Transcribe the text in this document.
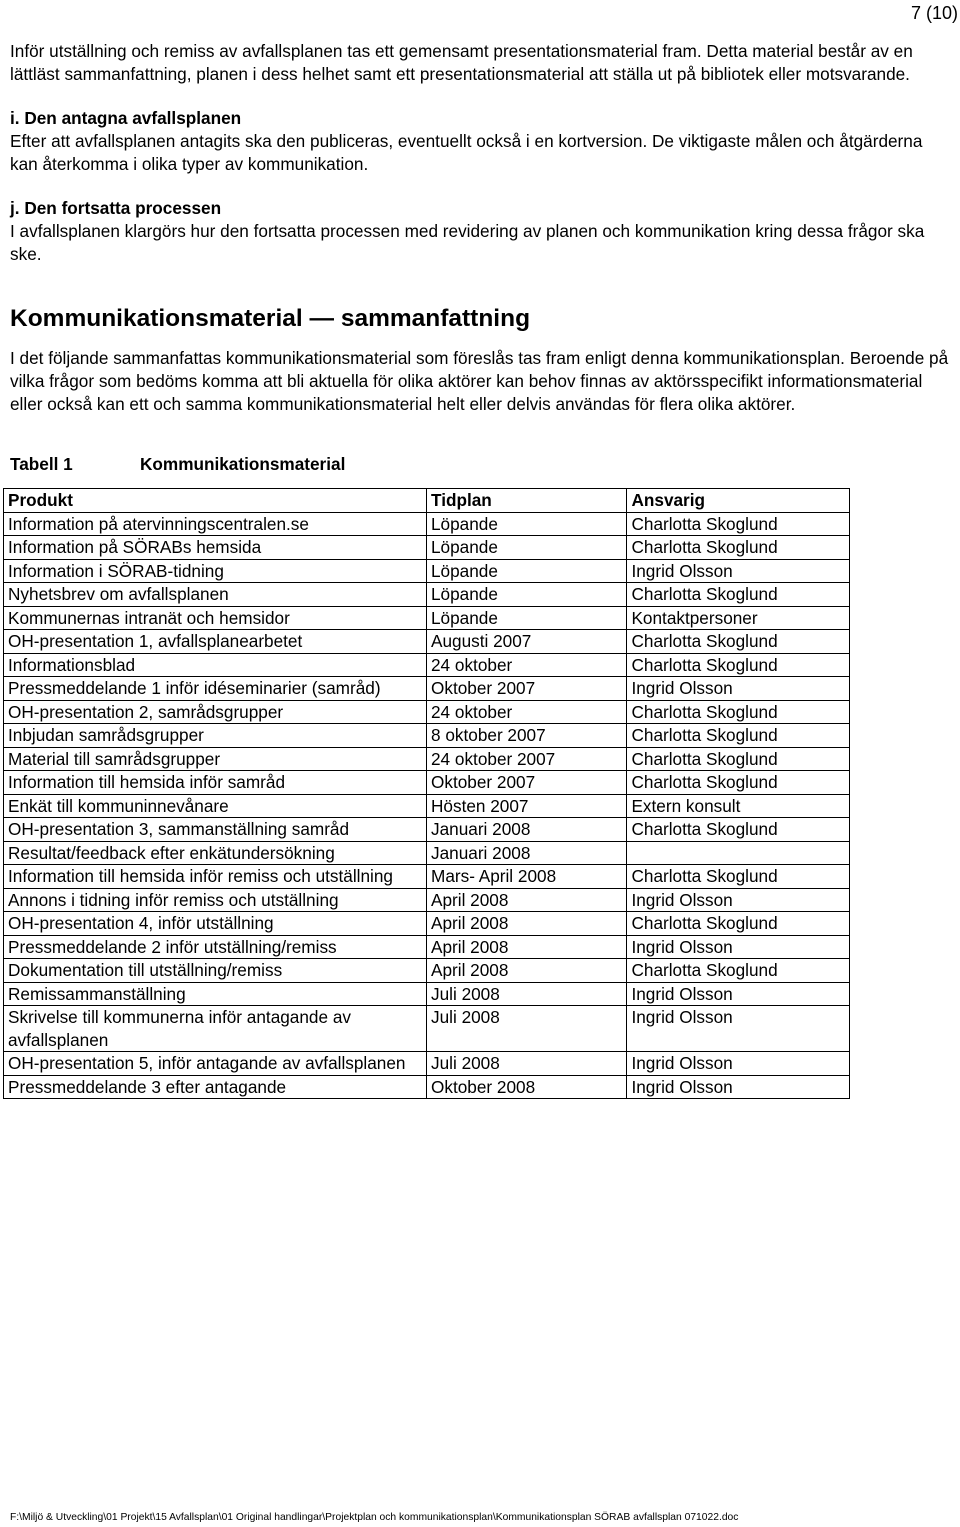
7 (10)

Inför utställning och remiss av avfallsplanen tas ett gemensamt presentationsmaterial fram. Detta material består av en lättläst sammanfattning, planen i dess helhet samt ett presentationsmaterial att ställa ut på bibliotek eller motsvarande.

i. Den antagna avfallsplanen

Efter att avfallsplanen antagits ska den publiceras, eventuellt också i en kortversion. De viktigaste målen och åtgärderna kan återkomma i olika typer av kommunikation.

j. Den fortsatta processen

I avfallsplanen klargörs hur den fortsatta processen med revidering av planen och kommunikation kring dessa frågor ska ske.

Kommunikationsmaterial — sammanfattning

I det följande sammanfattas kommunikationsmaterial som föreslås tas fram enligt denna kommunikationsplan. Beroende på vilka frågor som bedöms komma att bli aktuella för olika aktörer kan behov finnas av aktörsspecifikt informationsmaterial eller också kan ett och samma kommunikationsmaterial helt eller delvis användas för flera olika aktörer.

Tabell 1	Kommunikationsmaterial
Produkt	Tidplan	Ansvarig
Information på atervinningscentralen.se	Löpande	Charlotta Skoglund
Information på SÖRABs hemsida	Löpande	Charlotta Skoglund
Information i SÖRAB-tidning	Löpande	Ingrid Olsson
Nyhetsbrev om avfallsplanen	Löpande	Charlotta Skoglund
Kommunernas intranät och hemsidor	Löpande	Kontaktpersoner
OH-presentation 1, avfallsplanearbetet	Augusti 2007	Charlotta Skoglund
Informationsblad	24 oktober	Charlotta Skoglund
Pressmeddelande 1 inför idéseminarier (samråd)	Oktober 2007	Ingrid Olsson
OH-presentation 2, samrådsgrupper	24 oktober	Charlotta Skoglund
Inbjudan samrådsgrupper	8 oktober 2007	Charlotta Skoglund
Material till samrådsgrupper	24 oktober 2007	Charlotta Skoglund
Information till hemsida inför samråd	Oktober 2007	Charlotta Skoglund
Enkät till kommuninnevånare	Hösten 2007	Extern konsult
OH-presentation 3, sammanställning samråd	Januari 2008	Charlotta Skoglund
Resultat/feedback efter enkätundersökning	Januari 2008	
Information till hemsida inför remiss och utställning	Mars- April 2008	Charlotta Skoglund
Annons i tidning inför remiss och utställning	April 2008	Ingrid Olsson
OH-presentation 4, inför utställning	April 2008	Charlotta Skoglund
Pressmeddelande 2 inför utställning/remiss	April 2008	Ingrid Olsson
Dokumentation till utställning/remiss	April 2008	Charlotta Skoglund
Remissammanställning	Juli 2008	Ingrid Olsson
Skrivelse till kommunerna inför antagande av avfallsplanen	Juli 2008	Ingrid Olsson
OH-presentation 5, inför antagande av avfallsplanen	Juli 2008	Ingrid Olsson
Pressmeddelande 3 efter antagande	Oktober 2008	Ingrid Olsson
F:\Miljö & Utveckling\01 Projekt\15 Avfallsplan\01 Original handlingar\Projektplan och kommunikationsplan\Kommunikationsplan SÖRAB avfallsplan 071022.doc
